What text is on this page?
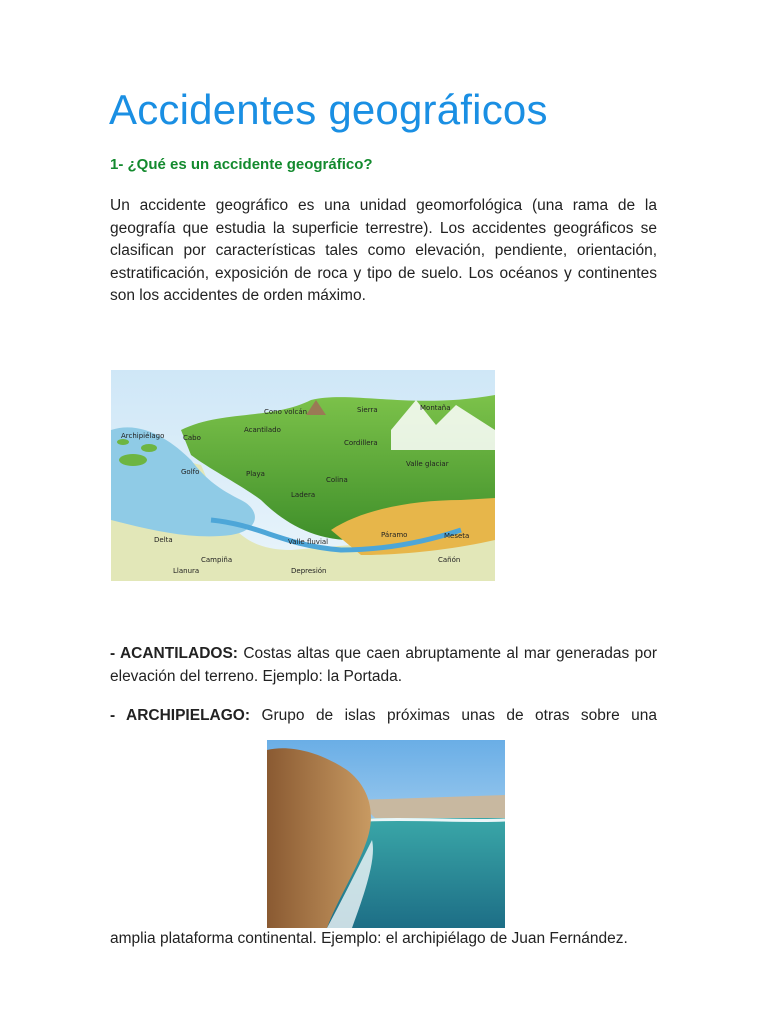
Accidentes geográficos

1- ¿Qué es un accidente geográfico?

Un accidente geográfico es una unidad geomorfológica (una rama de la geografía que estudia la superficie terrestre). Los accidentes geográficos se clasifican por características tales como elevación, pendiente, orientación, estratificación, exposición de roca y tipo de suelo. Los océanos y continentes son los accidentes de orden máximo.

Cono volcán	Sierra	Montaña
Archipiélago	Cabo
Acantilado
Cordillera
Valle glaciar
Golfo	Playa
Colina
Ladera
Páramo	Meseta
Delta	Valle fluvial
Campiña
Llanura	Depresión
Cañón

- ACANTILADOS: Costas altas que caen abruptamente al mar generadas por elevación del terreno. Ejemplo: la Portada.

- ARCHIPIELAGO: Grupo de islas próximas unas de otras sobre una

amplia plataforma continental. Ejemplo: el archipiélago de Juan Fernández.
